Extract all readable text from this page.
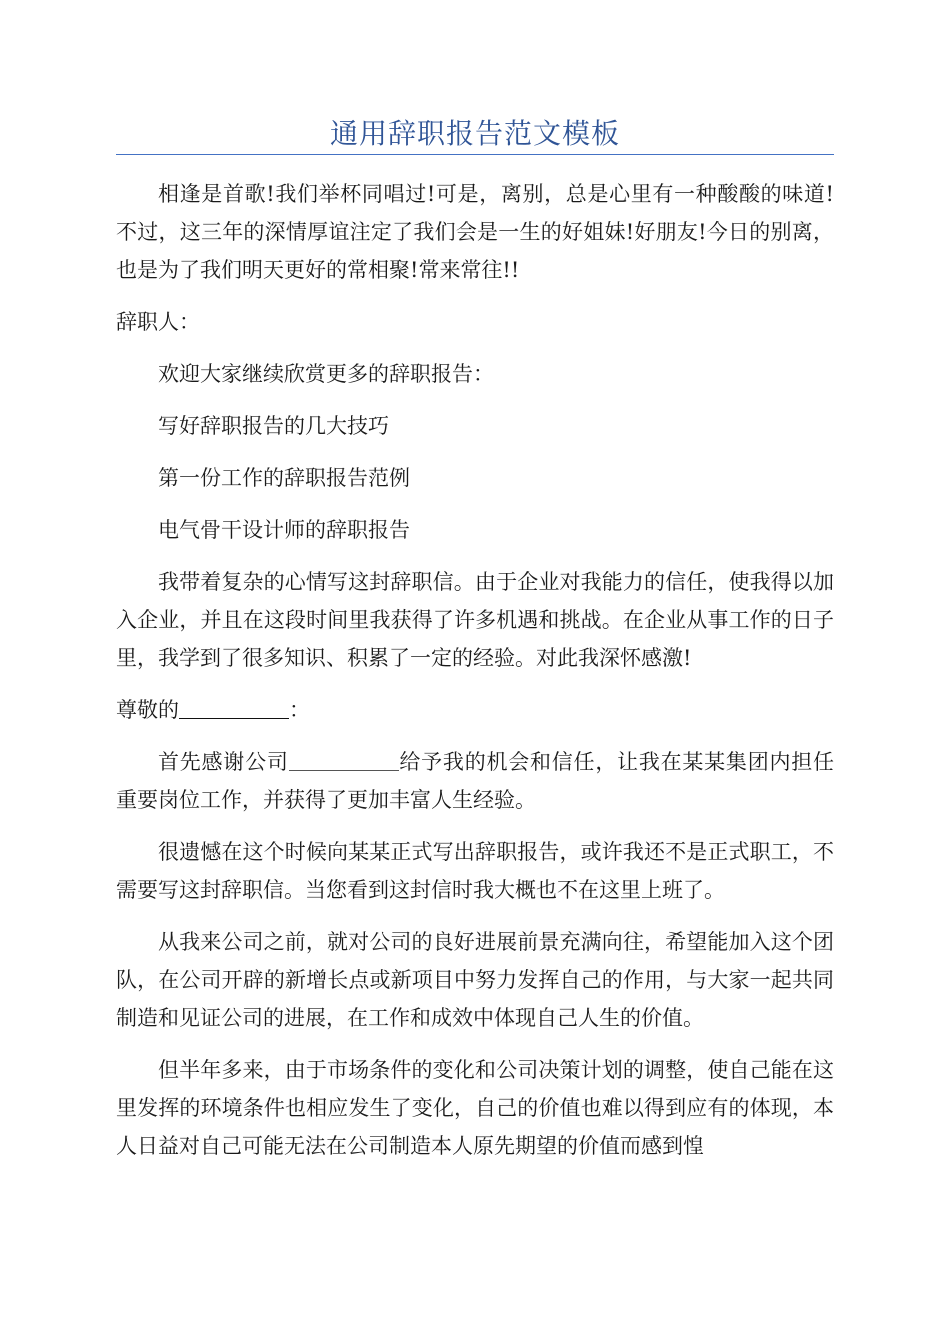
通用辞职报告范文模板

相逢是首歌!我们举杯同唱过!可是，离别，总是心里有一种酸酸的味道!不过，这三年的深情厚谊注定了我们会是一生的好姐妹!好朋友!今日的别离，也是为了我们明天更好的常相聚!常来常往!!

辞职人：

欢迎大家继续欣赏更多的辞职报告：

写好辞职报告的几大技巧

第一份工作的辞职报告范例

电气骨干设计师的辞职报告

我带着复杂的心情写这封辞职信。由于企业对我能力的信任，使我得以加入企业，并且在这段时间里我获得了许多机遇和挑战。在企业从事工作的日子里，我学到了很多知识、积累了一定的经验。对此我深怀感激!

尊敬的	：

首先感谢公司	给予我的机会和信任，让我在某某集团内担任重要岗位工作，并获得了更加丰富人生经验。

很遗憾在这个时候向某某正式写出辞职报告，或许我还不是正式职工，不需要写这封辞职信。当您看到这封信时我大概也不在这里上班了。

从我来公司之前，就对公司的良好进展前景充满向往，希望能加入这个团队，在公司开辟的新增长点或新项目中努力发挥自己的作用，与大家一起共同制造和见证公司的进展，在工作和成效中体现自己人生的价值。

但半年多来，由于市场条件的变化和公司决策计划的调整，使自己能在这里发挥的环境条件也相应发生了变化，自己的价值也难以得到应有的体现，本人日益对自己可能无法在公司制造本人原先期望的价值而感到惶
